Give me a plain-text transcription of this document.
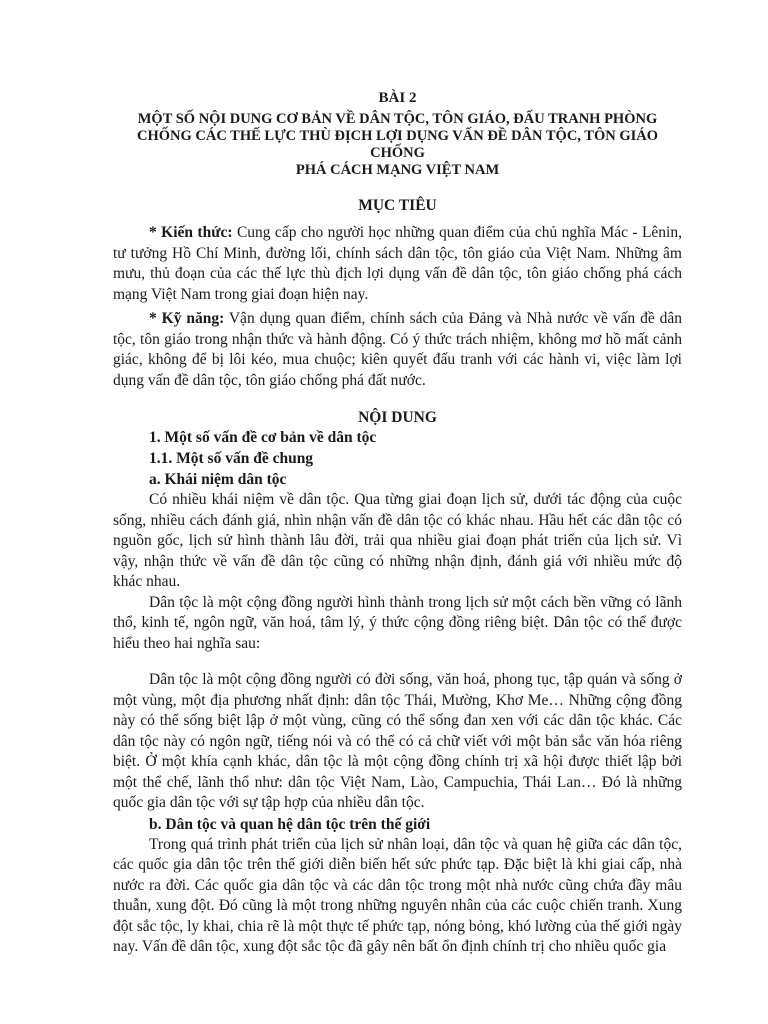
BÀI 2
MỘT SỐ NỘI DUNG CƠ BẢN VỀ DÂN TỘC, TÔN GIÁO, ĐẤU TRANH PHÒNG
CHỐNG CÁC THẾ LỰC THÙ ĐỊCH LỢI DỤNG VẤN ĐỀ DÂN TỘC, TÔN GIÁO CHỐNG
PHÁ CÁCH MẠNG VIỆT NAM
MỤC TIÊU

* Kiến thức: Cung cấp cho người học những quan điểm của chủ nghĩa Mác - Lênin, tư tưởng Hồ Chí Minh, đường lối, chính sách dân tộc, tôn giáo của Việt Nam. Những âm mưu, thủ đoạn của các thế lực thù địch lợi dụng vấn đề dân tộc, tôn giáo chống phá cách mạng Việt Nam trong giai đoạn hiện nay.

* Kỹ năng: Vận dụng quan điểm, chính sách của Đảng và Nhà nước về vấn đề dân tộc, tôn giáo trong nhận thức và hành động. Có ý thức trách nhiệm, không mơ hồ mất cảnh giác, không để bị lôi kéo, mua chuộc; kiên quyết đấu tranh với các hành vi, việc làm lợi dụng vấn đề dân tộc, tôn giáo chống phá đất nước.

NỘI DUNG
1. Một số vấn đề cơ bản về dân tộc
1.1. Một số vấn đề chung
a. Khái niệm dân tộc

Có nhiều khái niệm về dân tộc. Qua từng giai đoạn lịch sử, dưới tác động của cuộc sống, nhiều cách đánh giá, nhìn nhận vấn đề dân tộc có khác nhau. Hầu hết các dân tộc có nguồn gốc, lịch sử hình thành lâu đời, trải qua nhiều giai đoạn phát triển của lịch sử. Vì vậy, nhận thức về vấn đề dân tộc cũng có những nhận định, đánh giá với nhiều mức độ khác nhau.

Dân tộc là một cộng đồng người hình thành trong lịch sử một cách bền vững có lãnh thổ, kinh tế, ngôn ngữ, văn hoá, tâm lý, ý thức cộng đồng riêng biệt. Dân tộc có thể được hiểu theo hai nghĩa sau:

Dân tộc là một cộng đồng người có đời sống, văn hoá, phong tục, tập quán và sống ở một vùng, một địa phương nhất định: dân tộc Thái, Mường, Khơ Me… Những cộng đồng này có thể sống biệt lập ở một vùng, cũng có thể sống đan xen với các dân tộc khác. Các dân tộc này có ngôn ngữ, tiếng nói và có thể có cả chữ viết với một bản sắc văn hóa riêng biệt. Ở một khía cạnh khác, dân tộc là một cộng đồng chính trị xã hội được thiết lập bởi một thể chế, lãnh thổ như: dân tộc Việt Nam, Lào, Campuchia, Thái Lan… Đó là những quốc gia dân tộc với sự tập hợp của nhiều dân tộc.

b. Dân tộc và quan hệ dân tộc trên thế giới

Trong quá trình phát triển của lịch sử nhân loại, dân tộc và quan hệ giữa các dân tộc, các quốc gia dân tộc trên thế giới diễn biến hết sức phức tạp. Đặc biệt là khi giai cấp, nhà nước ra đời. Các quốc gia dân tộc và các dân tộc trong một nhà nước cũng chứa đầy mâu thuẫn, xung đột. Đó cũng là một trong những nguyên nhân của các cuộc chiến tranh. Xung đột sắc tộc, ly khai, chia rẽ là một thực tế phức tạp, nóng bỏng, khó lường của thế giới ngày nay. Vấn đề dân tộc, xung đột sắc tộc đã gây nên bất ổn định chính trị cho nhiều quốc gia
